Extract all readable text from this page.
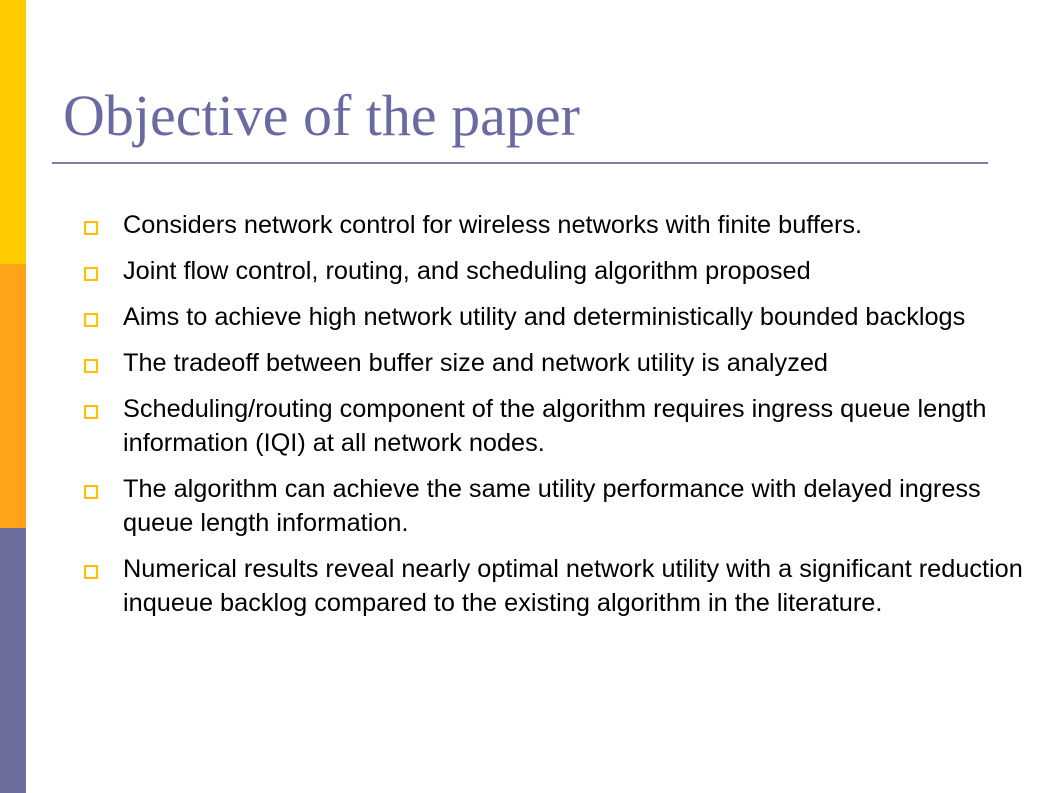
Objective of the paper
Considers network control for wireless networks with finite buffers.
Joint flow control, routing, and scheduling algorithm proposed
Aims to achieve high network utility and deterministically bounded backlogs
The tradeoff between buffer size and network utility is analyzed
Scheduling/routing component of the algorithm requires ingress queue length information (IQI) at all network nodes.
The algorithm can achieve the same utility performance with delayed ingress queue length information.
Numerical results reveal nearly optimal network utility with a significant reduction inqueue backlog compared to the existing algorithm in the literature.
